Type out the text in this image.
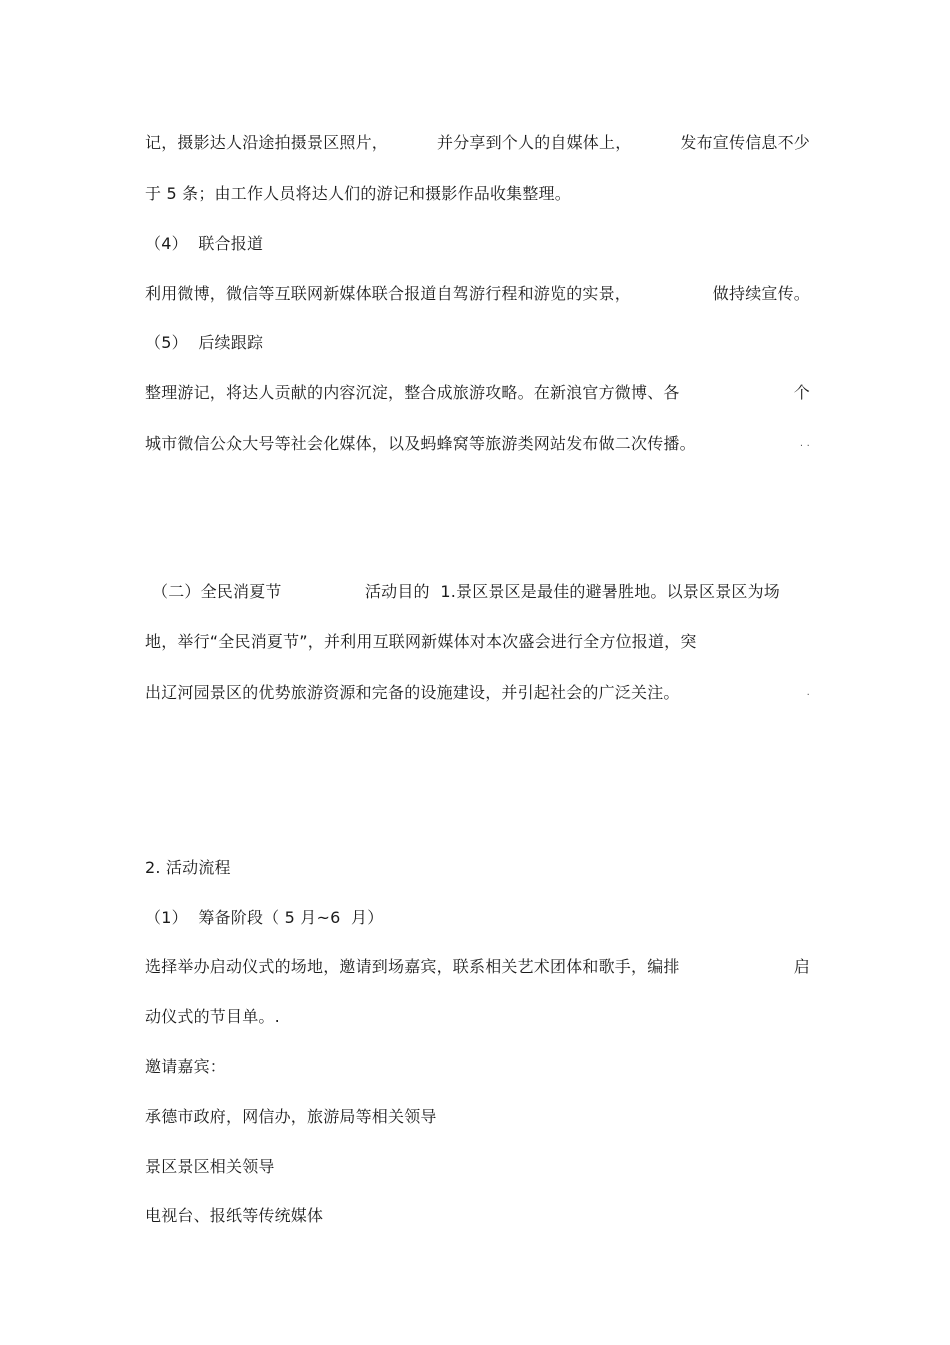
记，摄影达人沿途拍摄景区照片，	并分享到个人的自媒体上，	发布宣传信息不少
于 5 条；由工作人员将达人们的游记和摄影作品收集整理。
（4）  联合报道
利用微博，微信等互联网新媒体联合报道自驾游行程和游览的实景，	做持续宣传。
（5）  后续跟踪
整理游记，将达人贡献的内容沉淀，整合成旅游攻略。在新浪官方微博、各	个
城市微信公众大号等社会化媒体，以及蚂蜂窝等旅游类网站发布做二次传播。	. .
（二）全民消夏节	活动目的  1.景区景区是最佳的避暑胜地。以景区景区为场
地，举行“全民消夏节”，并利用互联网新媒体对本次盛会进行全方位报道，突
出辽河园景区的优势旅游资源和完备的设施建设，并引起社会的广泛关注。	.
2. 活动流程
（1）  筹备阶段（ 5 月~6  月）
选择举办启动仪式的场地，邀请到场嘉宾，联系相关艺术团体和歌手，编排	启
动仪式的节目单。.
邀请嘉宾：
承德市政府，网信办，旅游局等相关领导
景区景区相关领导
电视台、报纸等传统媒体
